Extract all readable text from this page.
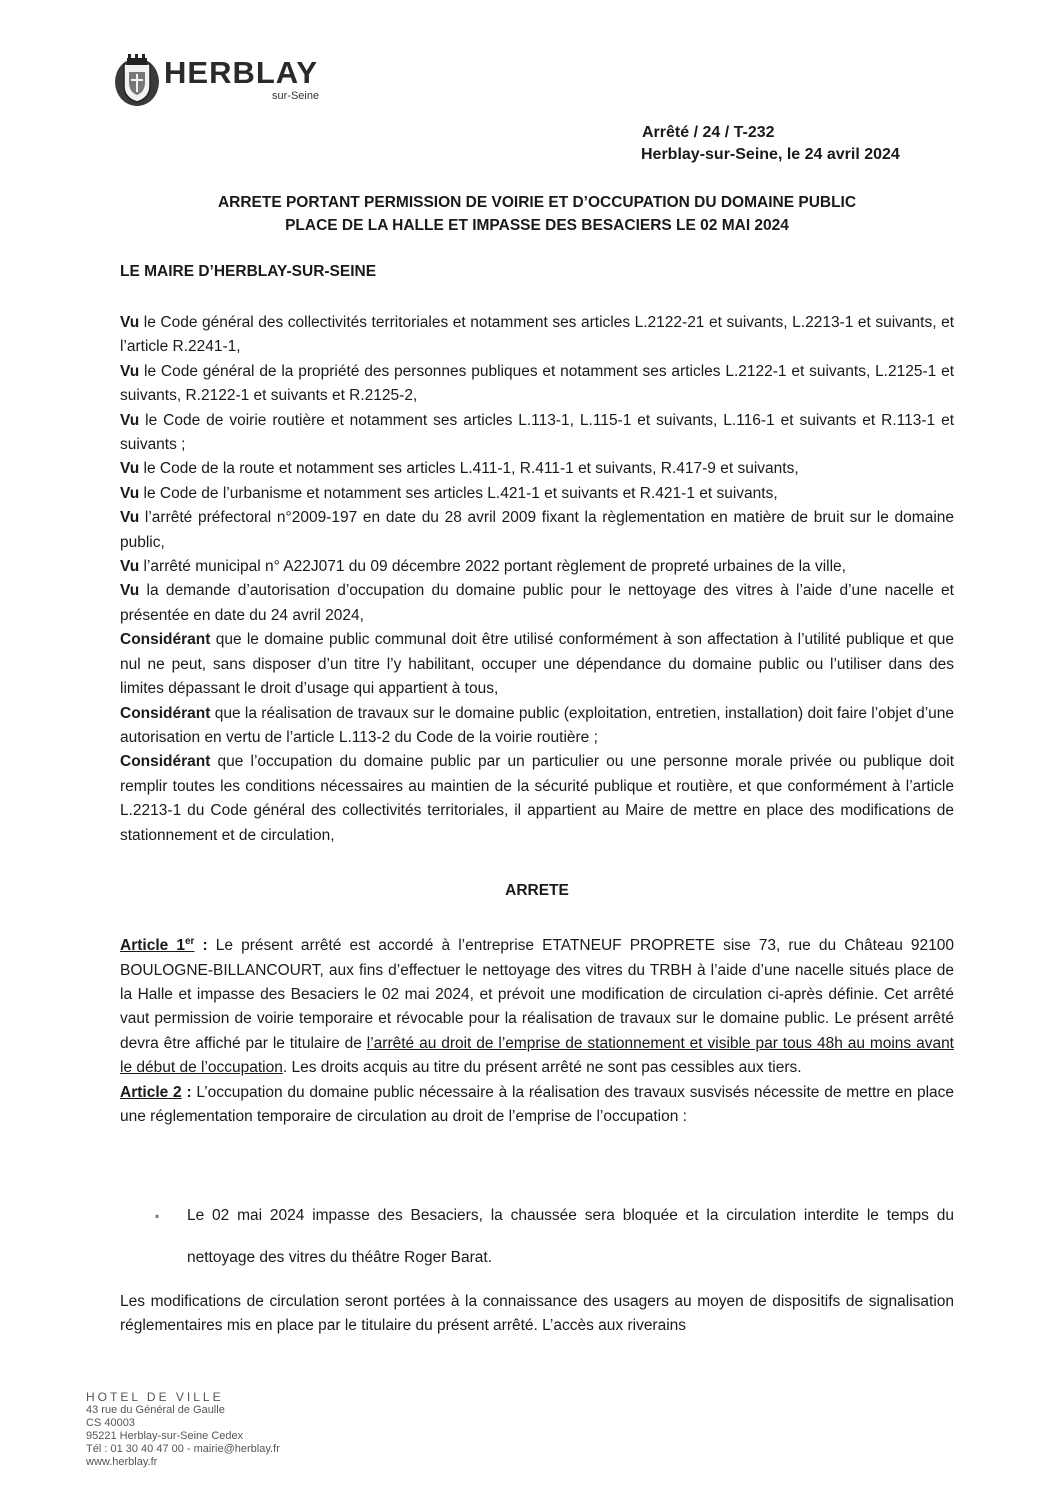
HERBLAY
sur-Seine
Arrêté / 24 / T-232
Herblay-sur-Seine, le 24 avril 2024
ARRETE PORTANT PERMISSION DE VOIRIE ET D’OCCUPATION DU DOMAINE PUBLIC
PLACE DE LA HALLE ET IMPASSE DES BESACIERS LE 02 MAI 2024
LE MAIRE D’HERBLAY-SUR-SEINE

Vu le Code général des collectivités territoriales et notamment ses articles L.2122-21 et suivants, L.2213-1 et suivants, et l’article R.2241-1,

Vu le Code général de la propriété des personnes publiques et notamment ses articles L.2122-1 et suivants, L.2125-1 et suivants, R.2122-1 et suivants et R.2125-2,

Vu le Code de voirie routière et notamment ses articles L.113-1, L.115-1 et suivants, L.116-1 et suivants et R.113-1 et suivants ;

Vu le Code de la route et notamment ses articles L.411-1, R.411-1 et suivants, R.417-9 et suivants,

Vu le Code de l’urbanisme et notamment ses articles L.421-1 et suivants et R.421-1 et suivants,

Vu l’arrêté préfectoral n°2009-197 en date du 28 avril 2009 fixant la règlementation en matière de bruit sur le domaine public,

Vu l’arrêté municipal n° A22J071 du 09 décembre 2022 portant règlement de propreté urbaines de la ville,

Vu la demande d’autorisation d’occupation du domaine public pour le nettoyage des vitres à l’aide d’une nacelle et présentée en date du 24 avril 2024,

Considérant que le domaine public communal doit être utilisé conformément à son affectation à l’utilité publique et que nul ne peut, sans disposer d’un titre l’y habilitant, occuper une dépendance du domaine public ou l’utiliser dans des limites dépassant le droit d’usage qui appartient à tous,

Considérant que la réalisation de travaux sur le domaine public (exploitation, entretien, installation) doit faire l’objet d’une autorisation en vertu de l’article L.113-2 du Code de la voirie routière ;

Considérant que l’occupation du domaine public par un particulier ou une personne morale privée ou publique doit remplir toutes les conditions nécessaires au maintien de la sécurité publique et routière, et que conformément à l’article L.2213-1 du Code général des collectivités territoriales, il appartient au Maire de mettre en place des modifications de stationnement et de circulation,

ARRETE

Article 1er : Le présent arrêté est accordé à l’entreprise ETATNEUF PROPRETE sise 73, rue du Château 92100 BOULOGNE-BILLANCOURT, aux fins d’effectuer le nettoyage des vitres du TRBH à l’aide d’une nacelle situés place de la Halle et impasse des Besaciers le 02 mai 2024, et prévoit une modification de circulation ci-après définie. Cet arrêté vaut permission de voirie temporaire et révocable pour la réalisation de travaux sur le domaine public. Le présent arrêté devra être affiché par le titulaire de l’arrêté au droit de l’emprise de stationnement et visible par tous 48h au moins avant le début de l’occupation. Les droits acquis au titre du présent arrêté ne sont pas cessibles aux tiers.

Article 2 : L’occupation du domaine public nécessaire à la réalisation des travaux susvisés nécessite de mettre en place une réglementation temporaire de circulation au droit de l’emprise de l’occupation :

▪ Le 02 mai 2024 impasse des Besaciers, la chaussée sera bloquée et la circulation interdite le temps du nettoyage des vitres du théâtre Roger Barat.
Les modifications de circulation seront portées à la connaissance des usagers au moyen de dispositifs de signalisation réglementaires mis en place par le titulaire du présent arrêté. L’accès aux riverains
HOTEL DE VILLE
43 rue du Général de Gaulle
CS 40003
95221 Herblay-sur-Seine Cedex
Tél : 01 30 40 47 00 - mairie@herblay.fr
www.herblay.fr
